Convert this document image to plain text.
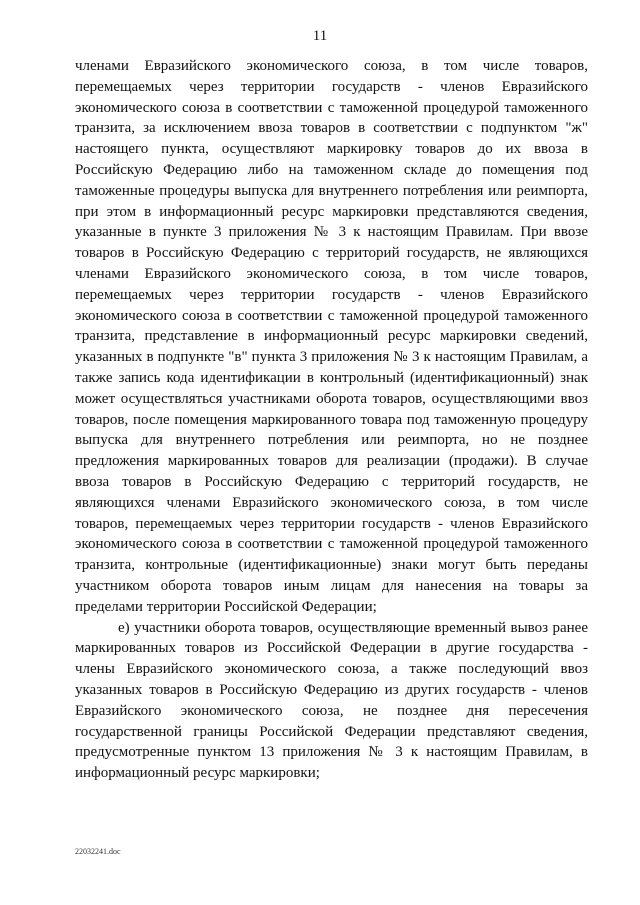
11

членами Евразийского экономического союза, в том числе товаров, перемещаемых через территории государств - членов Евразийского экономического союза в соответствии с таможенной процедурой таможенного транзита, за исключением ввоза товаров в соответствии с подпунктом "ж" настоящего пункта, осуществляют маркировку товаров до их ввоза в Российскую Федерацию либо на таможенном складе до помещения под таможенные процедуры выпуска для внутреннего потребления или реимпорта, при этом в информационный ресурс маркировки представляются сведения, указанные в пункте 3 приложения № 3 к настоящим Правилам. При ввозе товаров в Российскую Федерацию с территорий государств, не являющихся членами Евразийского экономического союза, в том числе товаров, перемещаемых через территории государств - членов Евразийского экономического союза в соответствии с таможенной процедурой таможенного транзита, представление в информационный ресурс маркировки сведений, указанных в подпункте "в" пункта 3 приложения № 3 к настоящим Правилам, а также запись кода идентификации в контрольный (идентификационный) знак может осуществляться участниками оборота товаров, осуществляющими ввоз товаров, после помещения маркированного товара под таможенную процедуру выпуска для внутреннего потребления или реимпорта, но не позднее предложения маркированных товаров для реализации (продажи). В случае ввоза товаров в Российскую Федерацию с территорий государств, не являющихся членами Евразийского экономического союза, в том числе товаров, перемещаемых через территории государств - членов Евразийского экономического союза в соответствии с таможенной процедурой таможенного транзита, контрольные (идентификационные) знаки могут быть переданы участником оборота товаров иным лицам для нанесения на товары за пределами территории Российской Федерации;

е) участники оборота товаров, осуществляющие временный вывоз ранее маркированных товаров из Российской Федерации в другие государства - члены Евразийского экономического союза, а также последующий ввоз указанных товаров в Российскую Федерацию из других государств - членов Евразийского экономического союза, не позднее дня пересечения государственной границы Российской Федерации представляют сведения, предусмотренные пунктом 13 приложения № 3 к настоящим Правилам, в информационный ресурс маркировки;

22032241.doc
